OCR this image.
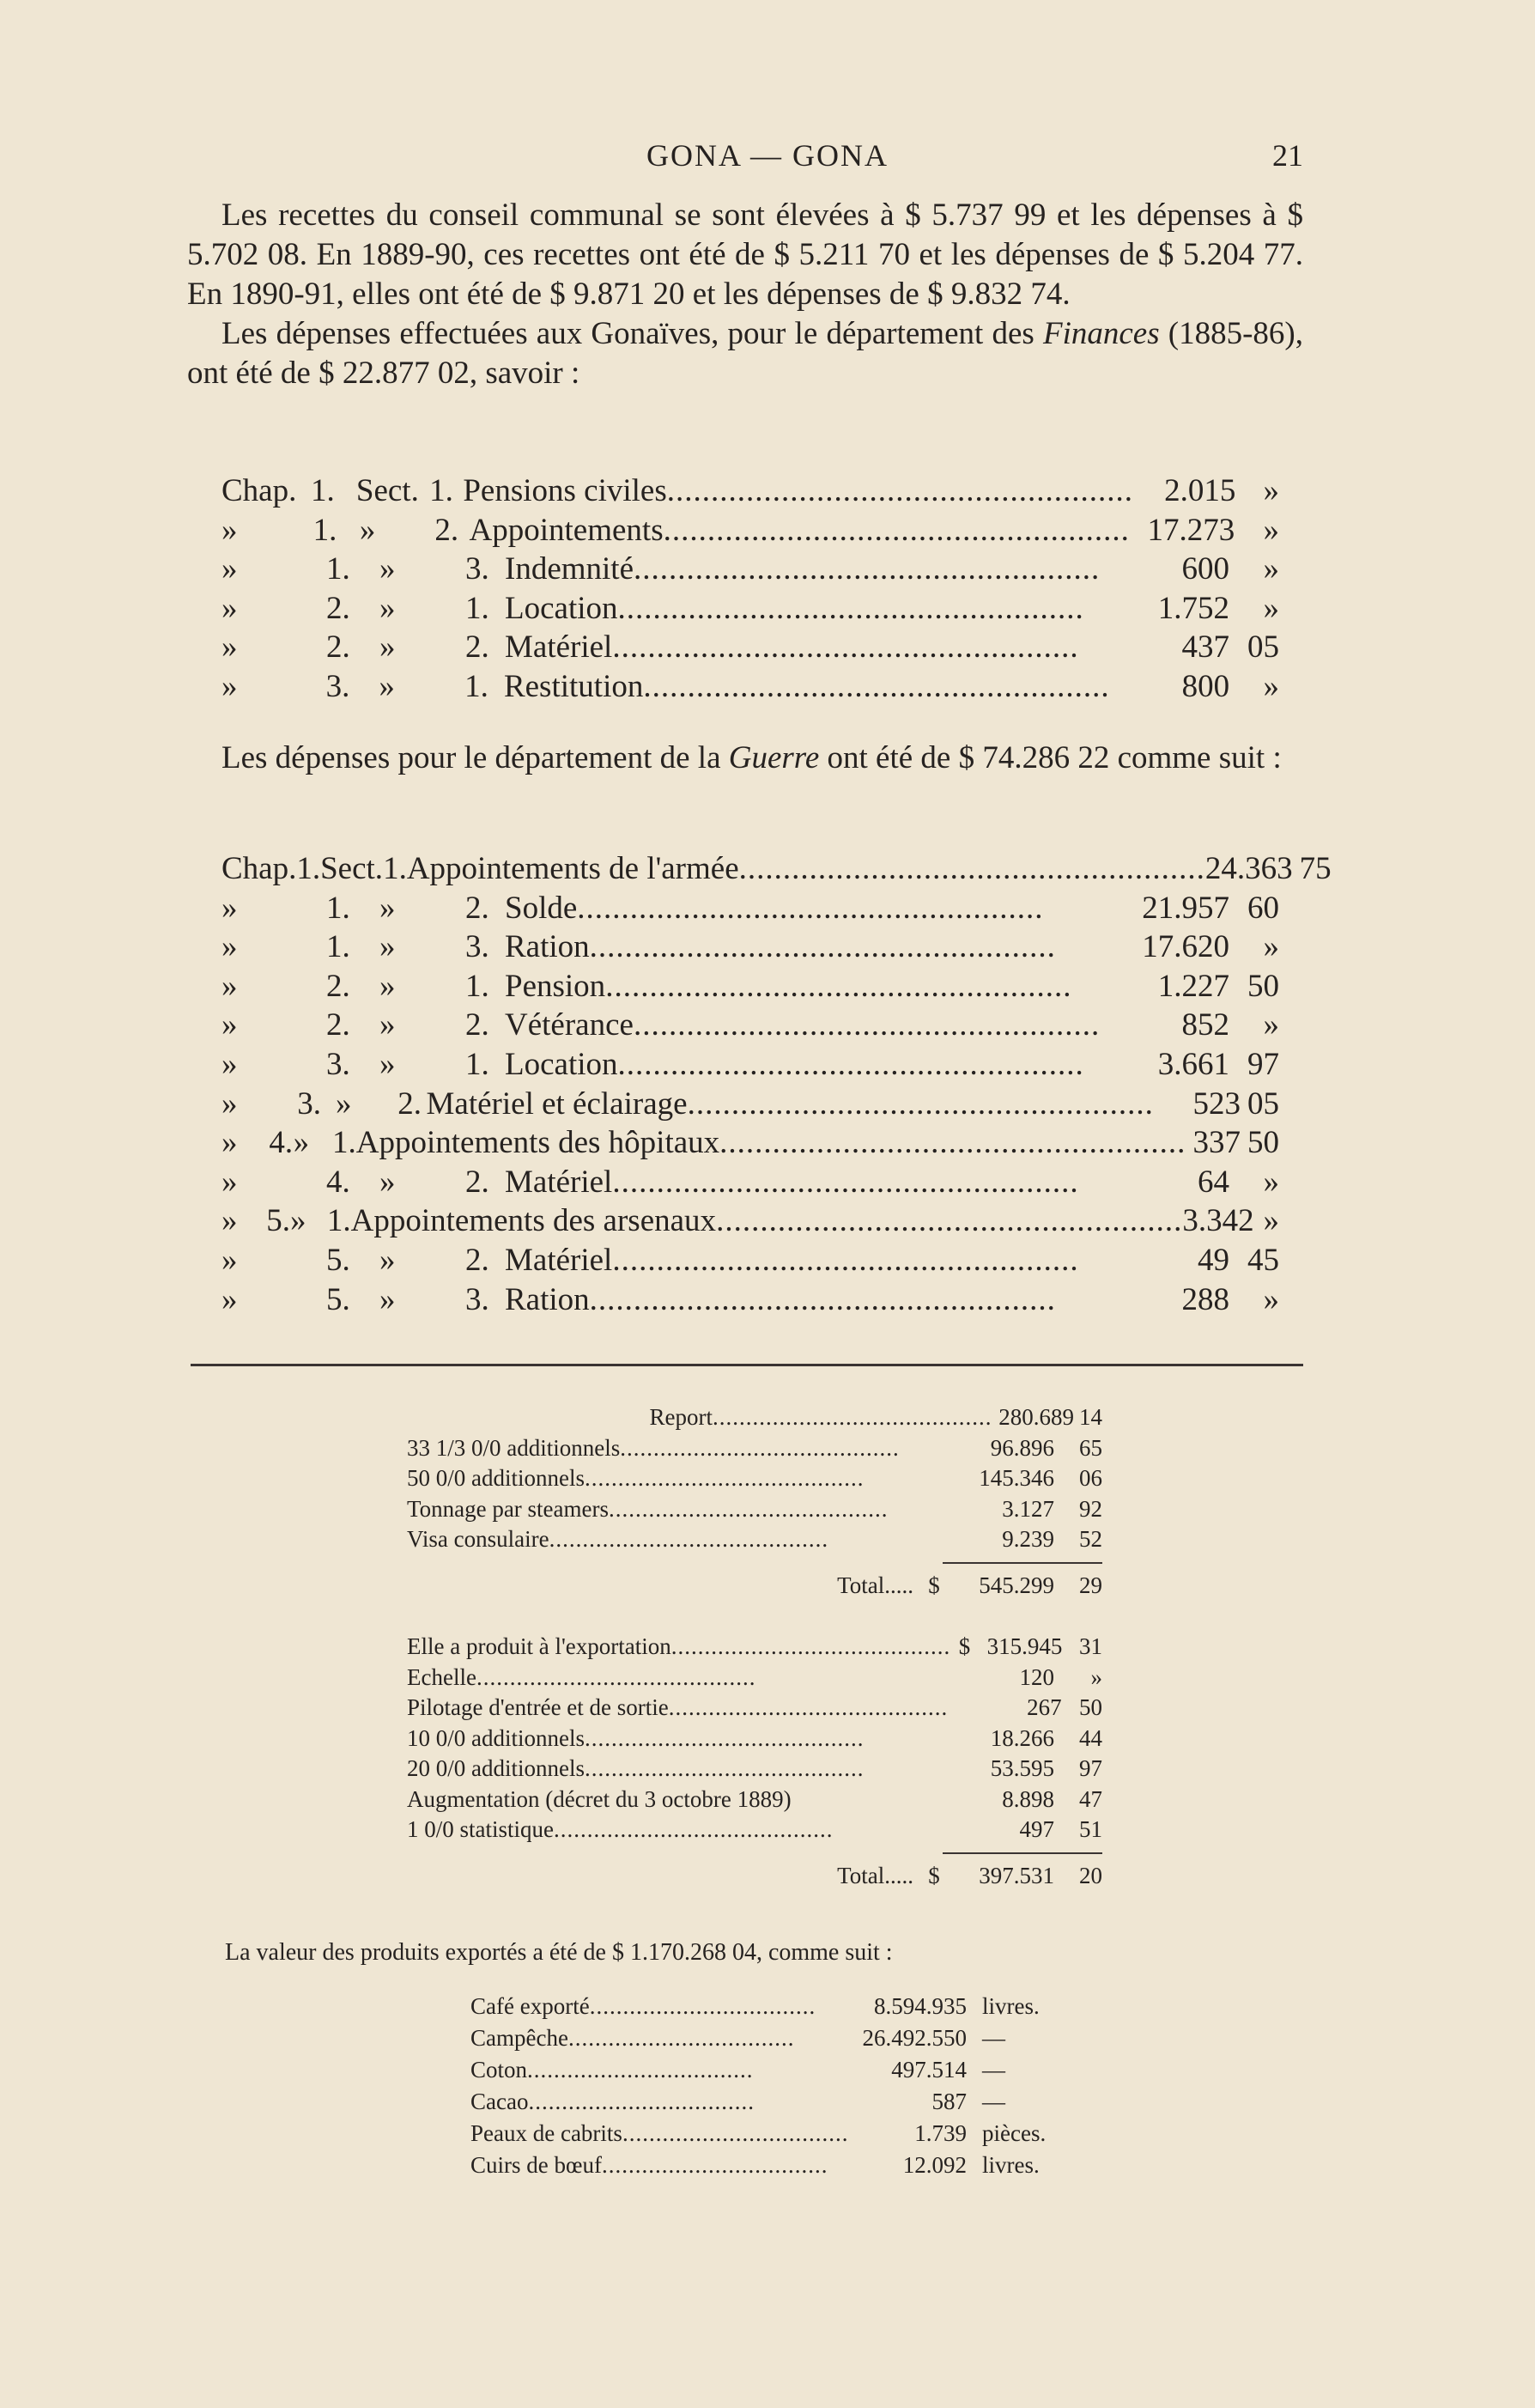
GONA — GONA	21

Les recettes du conseil communal se sont élevées à $ 5.737 99 et les dépenses à $ 5.702 08. En 1889-90, ces recettes ont été de $ 5.211 70 et les dépenses de $ 5.204 77. En 1890-91, elles ont été de $ 9.871 20 et les dépenses de $ 9.832 74.

Les dépenses effectuées aux Gonaïves, pour le département des Finances (1885-86), ont été de $ 22.877 02, savoir :

Chap. 1. Sect. 1. Pensions civiles..................................................... 2.015 »
»	1. »	2. Appointements..................................................... 17.273 »
»	1. »	3. Indemnité.....................................................	600	»
»	2. »	1. Location.....................................................	1.752	»
»	2. »	2. Matériel.....................................................	437 05
»	3. »	1. Restitution.....................................................	800	»

Les dépenses pour le département de la Guerre ont été de $ 74.286 22 comme suit :

Chap. 1. Sect. 1. Appointements de l'armée..................................................... 24.363 75
»	1. »	2. Solde.....................................................	21.957 60
»	1. »	3. Ration.....................................................	17.620	»
»	2. »	1. Pension.....................................................	1.227 50
»	2. »	2. Vétérance.....................................................	852	»
»	3. »	1. Location.....................................................	3.661 97
»	3. »	2. Matériel et éclairage.....................................................	523 05
» 4. » 1. Appointements des hôpitaux..................................................... 337 50
»	4. »	2. Matériel.....................................................	64	»
» 5. » 1. Appointements des arsenaux..................................................... 3.342 »
»	5. »	2. Matériel.....................................................	49 45
»	5. »	3. Ration.....................................................	288	»
Report.......................................... 280.689 14
33 1/3 0/0 additionnels..........................................	96.896	65
50 0/0 additionnels..........................................	145.346	06
Tonnage par steamers..........................................	3.127	92
Visa consulaire..........................................	9.239	52
Total..... $	545.299	29
Elle a produit à l'exportation.......................................... $ 315.945 31
Echelle..........................................	120	»
Pilotage d'entrée et de sortie..........................................	267 50
10 0/0 additionnels..........................................	18.266	44
20 0/0 additionnels..........................................	53.595	97
Augmentation (décret du 3 octobre 1889)	8.898	47
1 0/0 statistique..........................................	497	51
Total..... $	397.531	20
La valeur des produits exportés a été de $ 1.170.268 04, comme suit :
Café exporté..................................	8.594.935 livres.
Campêche..................................	26.492.550 —
Coton..................................	497.514 —
Cacao..................................	587 —
Peaux de cabrits..................................	1.739 pièces.
Cuirs de bœuf..................................	12.092 livres.
